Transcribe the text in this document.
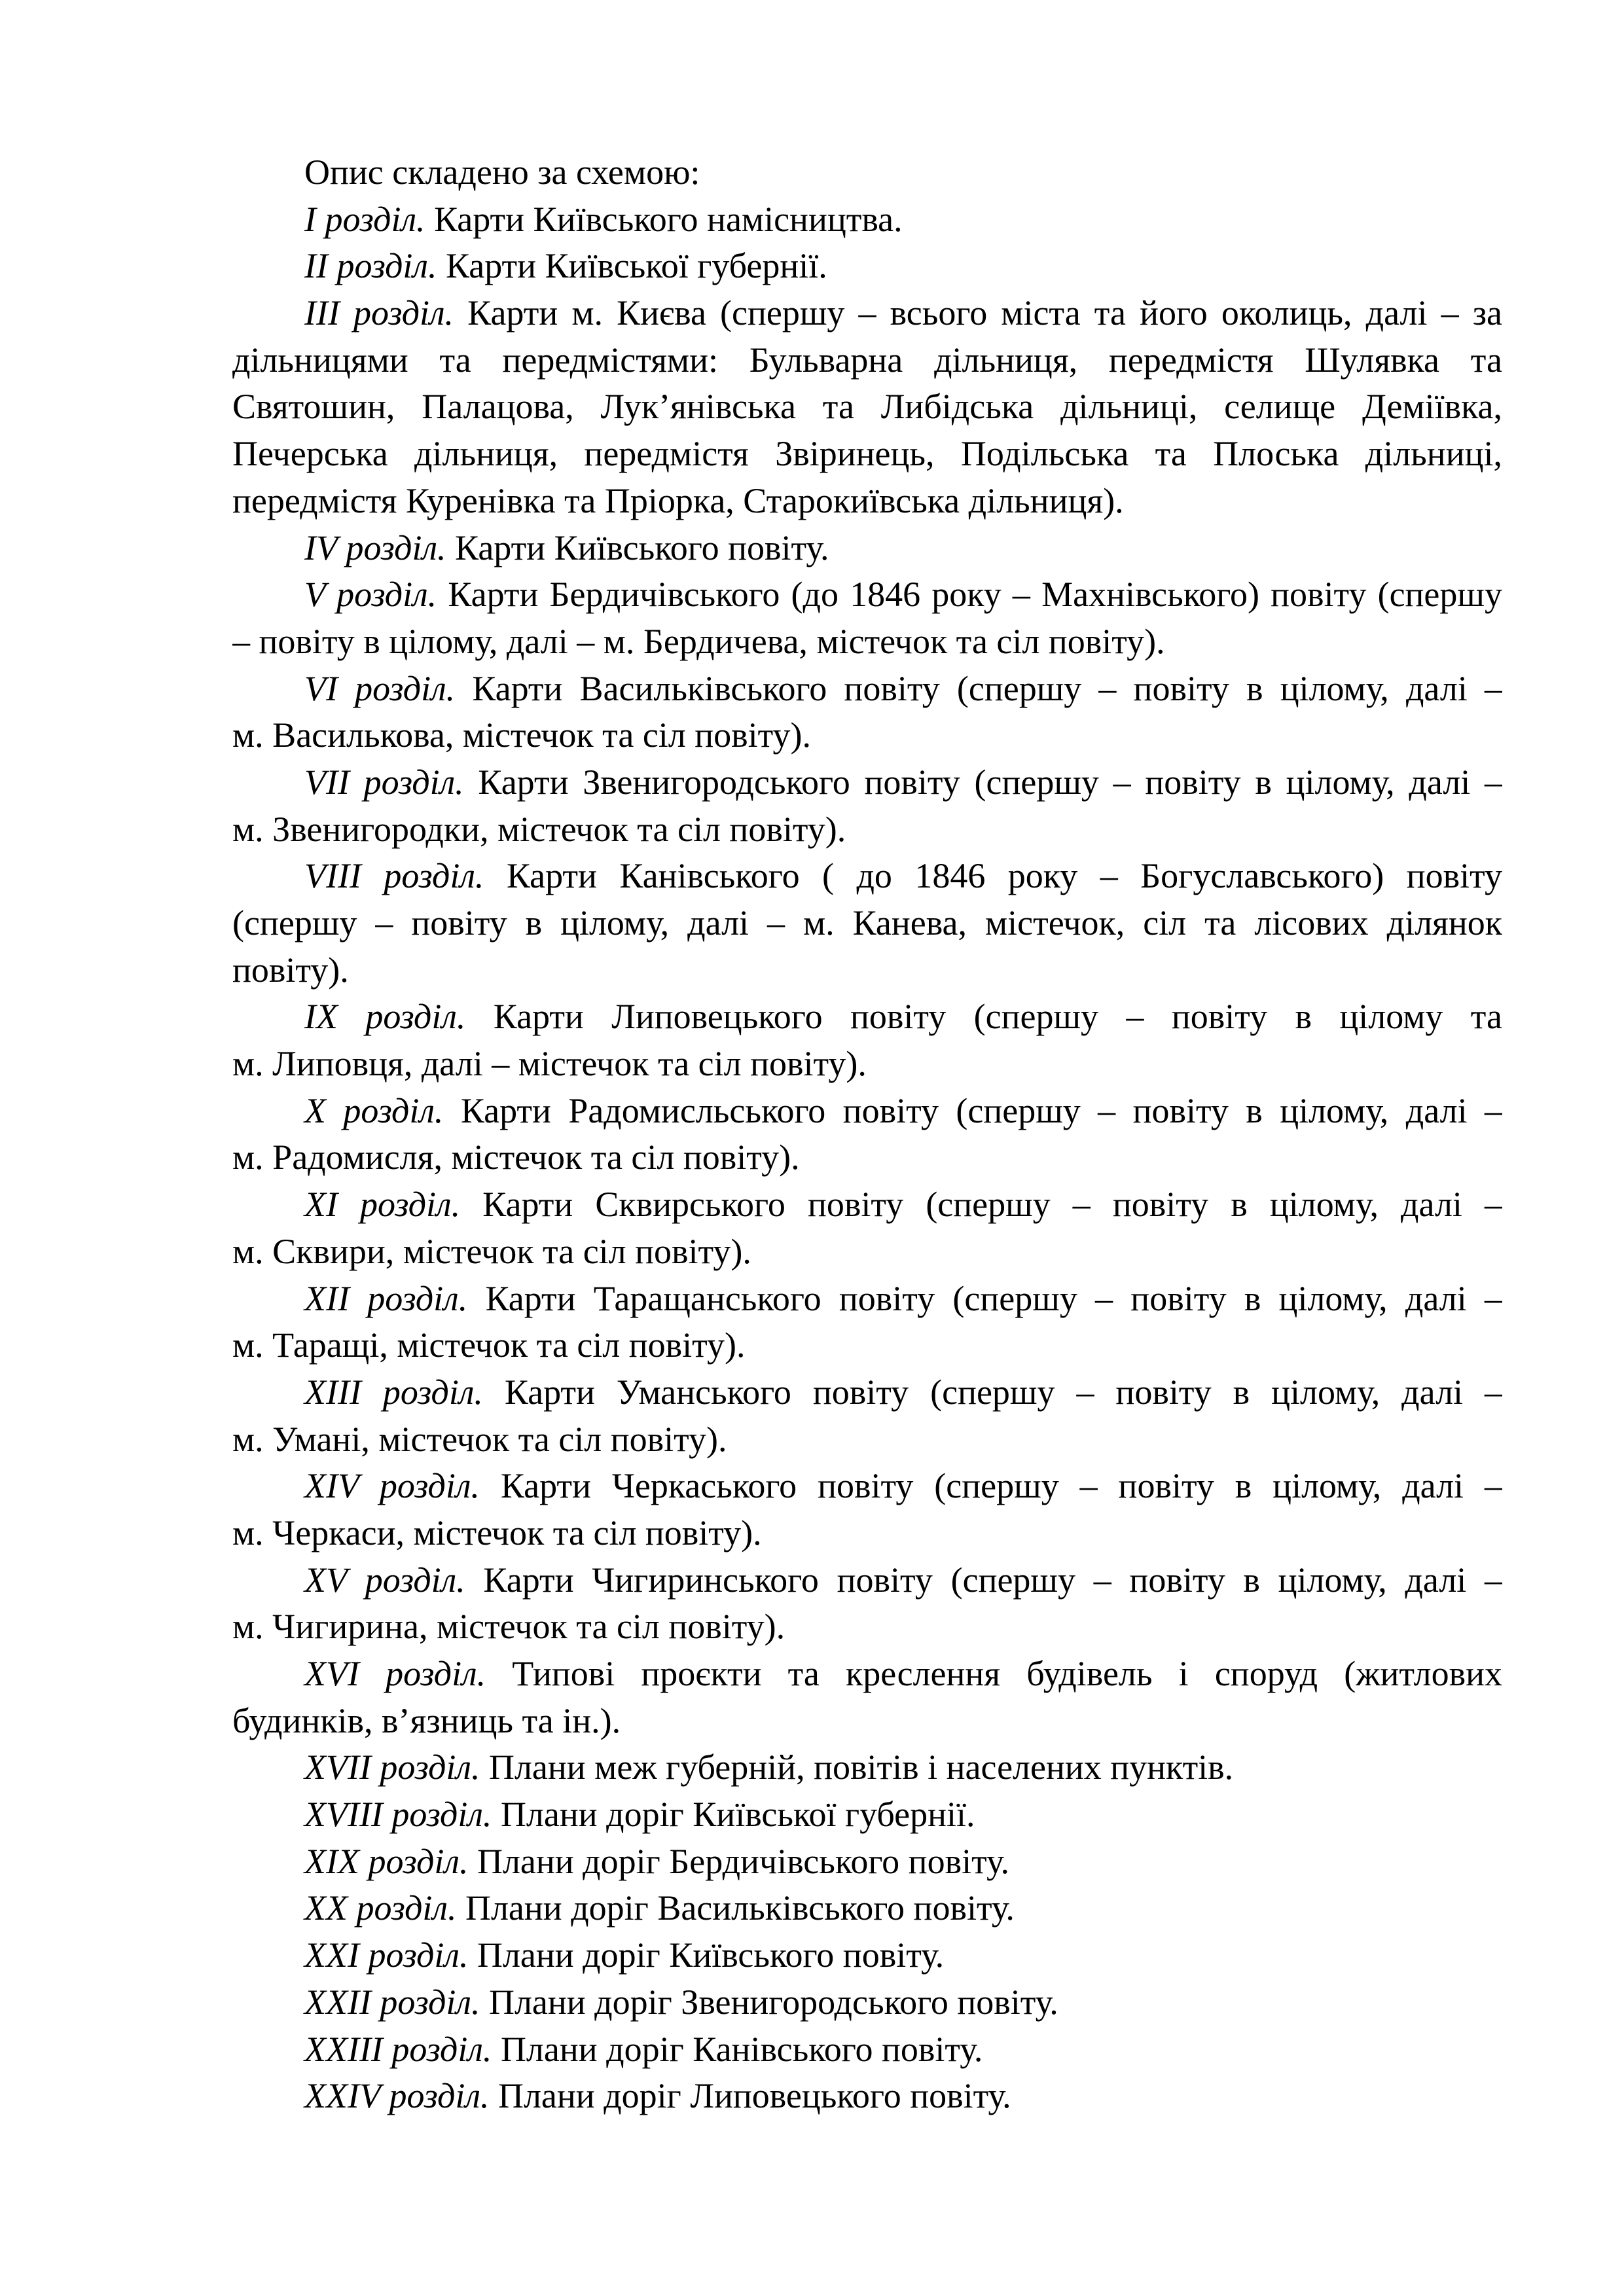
Опис складено за схемою:
I розділ. Карти Київського намісництва.
II розділ. Карти Київської губернії.
III розділ. Карти м. Києва (спершу – всього міста та його околиць, далі – за
дільницями та передмістями: Бульварна дільниця, передмістя Шулявка та
Святошин, Палацова, Лук’янівська та Либідська дільниці, селище Деміївка,
Печерська дільниця, передмістя Звіринець, Подільська та Плоська дільниці,
передмістя Куренівка та Пріорка, Старокиївська дільниця).
IV розділ. Карти Київського повіту.
V розділ. Карти Бердичівського (до 1846 року – Махнівського) повіту (спершу
– повіту в цілому, далі – м. Бердичева, містечок та сіл повіту).
VI розділ. Карти Васильківського повіту (спершу – повіту в цілому, далі –
м. Василькова, містечок та сіл повіту).
VII розділ. Карти Звенигородського повіту (спершу – повіту в цілому, далі –
м. Звенигородки, містечок та сіл повіту).
VIII розділ. Карти Канівського ( до 1846 року – Богуславського) повіту
(спершу – повіту в цілому, далі – м. Канева, містечок, сіл та лісових ділянок
повіту).
IX розділ. Карти Липовецького повіту (спершу – повіту в цілому та
м. Липовця, далі – містечок та сіл повіту).
X розділ. Карти Радомисльського повіту (спершу – повіту в цілому, далі –
м. Радомисля, містечок та сіл повіту).
XI розділ. Карти Сквирського повіту (спершу – повіту в цілому, далі –
м. Сквири, містечок та сіл повіту).
XII розділ. Карти Таращанського повіту (спершу – повіту в цілому, далі –
м. Таращі, містечок та сіл повіту).
XIII розділ. Карти Уманського повіту (спершу – повіту в цілому, далі –
м. Умані, містечок та сіл повіту).
XIV розділ. Карти Черкаського повіту (спершу – повіту в цілому, далі –
м. Черкаси, містечок та сіл повіту).
XV розділ. Карти Чигиринського повіту (спершу – повіту в цілому, далі –
м. Чигирина, містечок та сіл повіту).
XVI розділ. Типові проєкти та креслення будівель і споруд (житлових
будинків, в’язниць та ін.).
XVII розділ. Плани меж губерній, повітів і населених пунктів.
XVIII розділ. Плани доріг Київської губернії.
XIX розділ. Плани доріг Бердичівського повіту.
XX розділ. Плани доріг Васильківського повіту.
XXI розділ. Плани доріг Київського повіту.
XXII розділ. Плани доріг Звенигородського повіту.
XXIII розділ. Плани доріг Канівського повіту.
XXIV розділ. Плани доріг Липовецького повіту.
